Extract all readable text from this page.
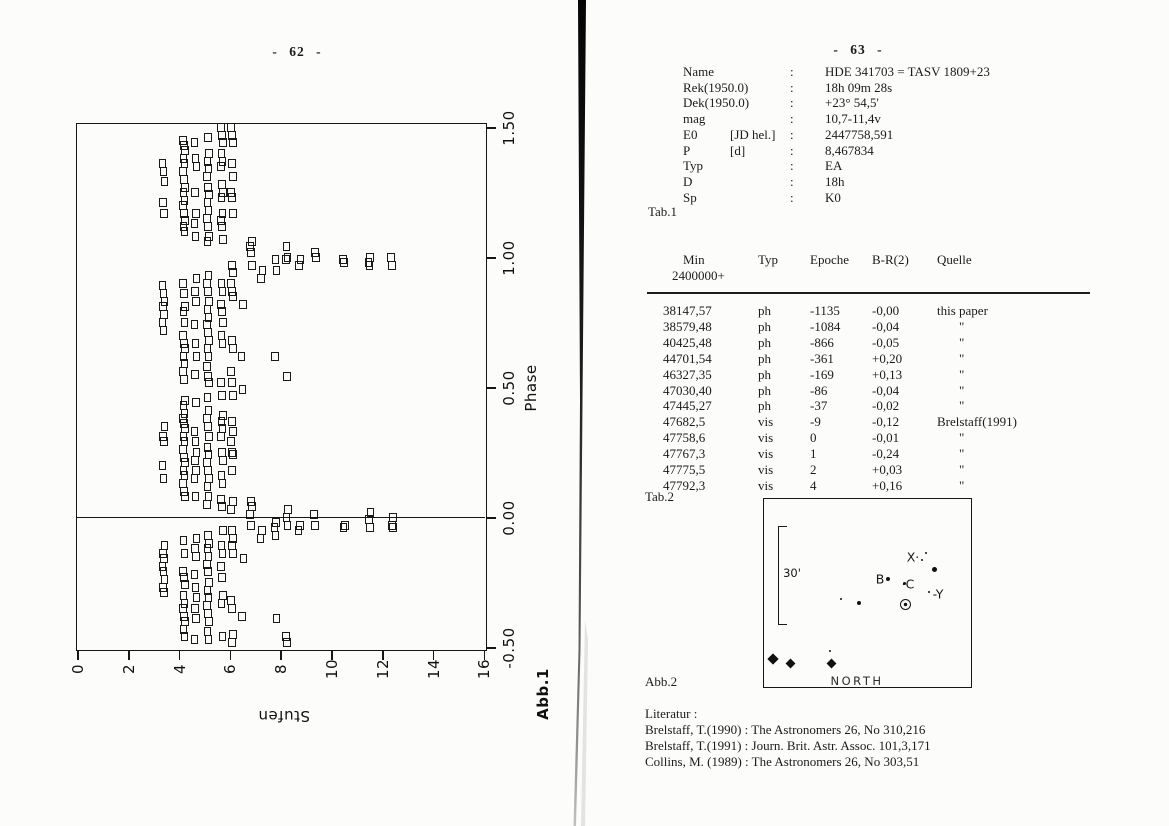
- 62 -
Phase
Stufen	Abb.1
0 2 4 6 8 10 12 14 16
-0.50
0.00
0.50
1.00
1.50
- 63 -
Name	: HDE 341703 = TASV 1809+23
Rek(1950.0)	: 18h 09m 28s
Dek(1950.0)	: +23° 54,5'
mag	: 10,7-11,4v
E0	[JD hel.] : 2447758,591
P	[d]	: 8,467834
Typ	: EA
D	: 18h
Sp	: K0
Tab.1
Min	Typ Epoche B-R(2) Quelle
2400000+
38147,57	ph	-1135 -0,00	this paper
38579,48	ph	-1084 -0,04	"
40425,48	ph	-866	-0,05	"
44701,54	ph	-361	+0,20	"
46327,35	ph	-169	+0,13	"
47030,40	ph	-86	-0,04	"
47445,27	ph	-37	-0,02	"
47682,5	vis	-9	-0,12	Brelstaff(1991)
47758,6	vis	0	-0,01	"
47767,3	vis	1	-0,24	"
47775,5	vis	2	+0,03	"
47792,3	vis	4	+0,16	"
Tab.2
30'
NORTH
X·
B ·C
-Y
Abb.2
Literatur :
Brelstaff, T.(1990) : The Astronomers 26, No 310,216
Brelstaff, T.(1991) : Journ. Brit. Astr. Assoc. 101,3,171
Collins, M. (1989) : The Astronomers 26, No 303,51
